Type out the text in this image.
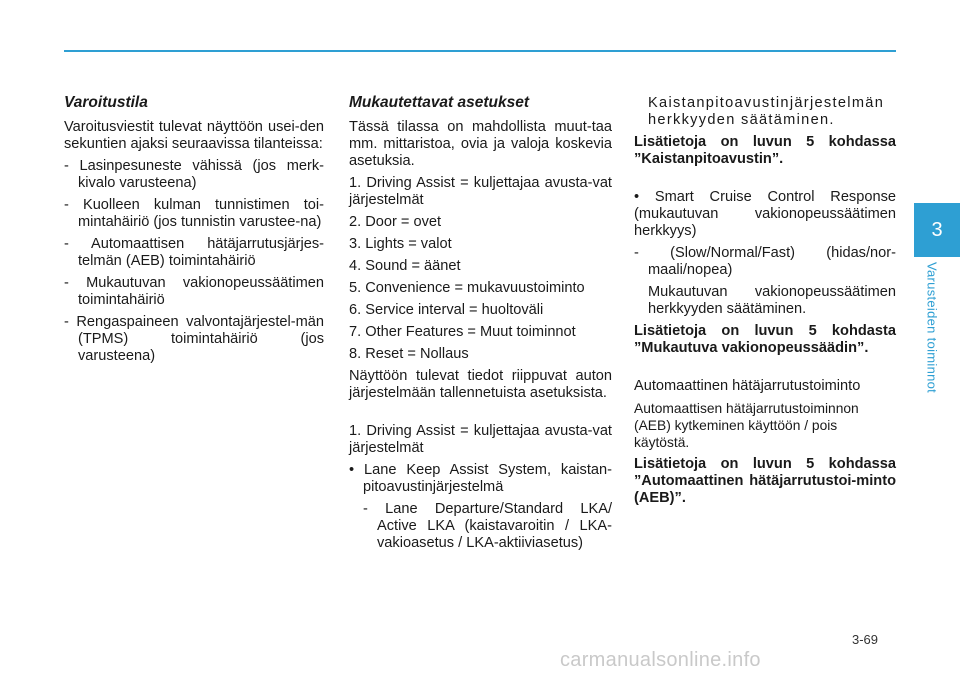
Varoitustila
Varoitusviestit tulevat näyttöön usei-den sekuntien ajaksi seuraavissa tilanteissa:
- Lasinpesuneste vähissä (jos merk-kivalo varusteena)
- Kuolleen kulman tunnistimen toi-mintahäiriö (jos tunnistin varustee-na)
- Automaattisen hätäjarrutusjärjes-telmän (AEB) toimintahäiriö
- Mukautuvan vakionopeussäätimen toimintahäiriö
- Rengaspaineen valvontajärjestel-män (TPMS) toimintahäiriö (jos varusteena)
Mukautettavat asetukset
Tässä tilassa on mahdollista muut-taa mm. mittaristoa, ovia ja valoja koskevia asetuksia.
1. Driving Assist = kuljettajaa avusta-vat järjestelmät
2. Door = ovet
3. Lights = valot
4. Sound = äänet
5. Convenience = mukavuustoiminto
6. Service interval = huoltoväli
7. Other Features = Muut toiminnot
8. Reset = Nollaus
Näyttöön tulevat tiedot riippuvat auton järjestelmään tallennetuista asetuksista.
1. Driving Assist = kuljettajaa avusta-vat järjestelmät
• Lane Keep Assist System, kaistan-pitoavustinjärjestelmä
- Lane Departure/Standard LKA/ Active LKA (kaistavaroitin / LKA-vakioasetus / LKA-aktiiviasetus)
Kaistanpitoavustinjärjestelmän herkkyyden säätäminen.
Lisätietoja on luvun 5 kohdassa ”Kaistanpitoavustin”.
• Smart Cruise Control Response (mukautuvan vakionopeussäätimen herkkyys)
- (Slow/Normal/Fast) (hidas/nor-maali/nopea)
Mukautuvan vakionopeussäätimen herkkyyden säätäminen.
Lisätietoja on luvun 5 kohdasta ”Mukautuva vakionopeussäädin”.
Automaattinen hätäjarrutustoiminto
Automaattisen hätäjarrutustoiminnon (AEB) kytkeminen käyttöön / pois käytöstä.
Lisätietoja on luvun 5 kohdassa ”Automaattinen hätäjarrutustoi-minto (AEB)”.
3
Varusteiden toiminnot
3-69
carmanualsonline.info
